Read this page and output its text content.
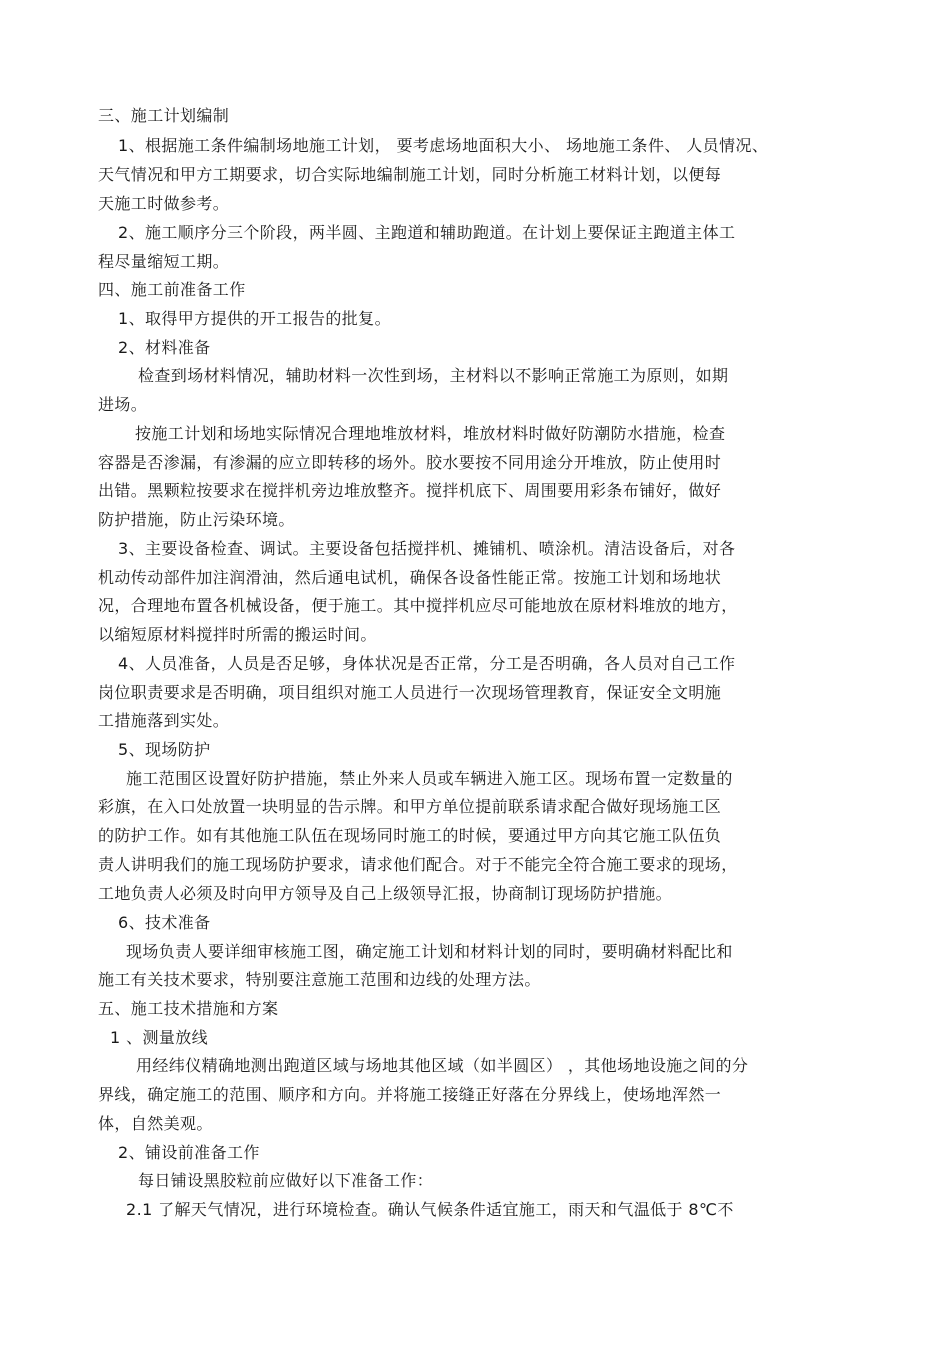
三、施工计划编制
1、根据施工条件编制场地施工计划， 要考虑场地面积大小、 场地施工条件、 人员情况、
天气情况和甲方工期要求，切合实际地编制施工计划，同时分析施工材料计划，以便每
天施工时做参考。
2、施工顺序分三个阶段，两半圆、主跑道和辅助跑道。在计划上要保证主跑道主体工
程尽量缩短工期。
四、施工前准备工作
1、取得甲方提供的开工报告的批复。
2、材料准备
检查到场材料情况，辅助材料一次性到场，主材料以不影响正常施工为原则，如期
进场。
按施工计划和场地实际情况合理地堆放材料，堆放材料时做好防潮防水措施，检查
容器是否渗漏，有渗漏的应立即转移的场外。胶水要按不同用途分开堆放，防止使用时
出错。黑颗粒按要求在搅拌机旁边堆放整齐。搅拌机底下、周围要用彩条布铺好，做好
防护措施，防止污染环境。
3、主要设备检查、调试。主要设备包括搅拌机、摊铺机、喷涂机。清洁设备后，对各
机动传动部件加注润滑油，然后通电试机，确保各设备性能正常。按施工计划和场地状
况，合理地布置各机械设备，便于施工。其中搅拌机应尽可能地放在原材料堆放的地方，
以缩短原材料搅拌时所需的搬运时间。
4、人员准备，人员是否足够，身体状况是否正常，分工是否明确，各人员对自己工作
岗位职责要求是否明确，项目组织对施工人员进行一次现场管理教育，保证安全文明施
工措施落到实处。
5、现场防护
施工范围区设置好防护措施，禁止外来人员或车辆进入施工区。现场布置一定数量的
彩旗，在入口处放置一块明显的告示牌。和甲方单位提前联系请求配合做好现场施工区
的防护工作。如有其他施工队伍在现场同时施工的时候，要通过甲方向其它施工队伍负
责人讲明我们的施工现场防护要求，请求他们配合。对于不能完全符合施工要求的现场，
工地负责人必须及时向甲方领导及自己上级领导汇报，协商制订现场防护措施。
6、技术准备
现场负责人要详细审核施工图，确定施工计划和材料计划的同时，要明确材料配比和
施工有关技术要求，特别要注意施工范围和边线的处理方法。
五、施工技术措施和方案
1 、测量放线
用经纬仪精确地测出跑道区域与场地其他区域（如半圆区） ，其他场地设施之间的分
界线，确定施工的范围、顺序和方向。并将施工接缝正好落在分界线上，使场地浑然一
体，自然美观。
2、铺设前准备工作
每日铺设黑胶粒前应做好以下准备工作：
2.1 了解天气情况，进行环境检查。确认气候条件适宜施工，雨天和气温低于 8℃不
